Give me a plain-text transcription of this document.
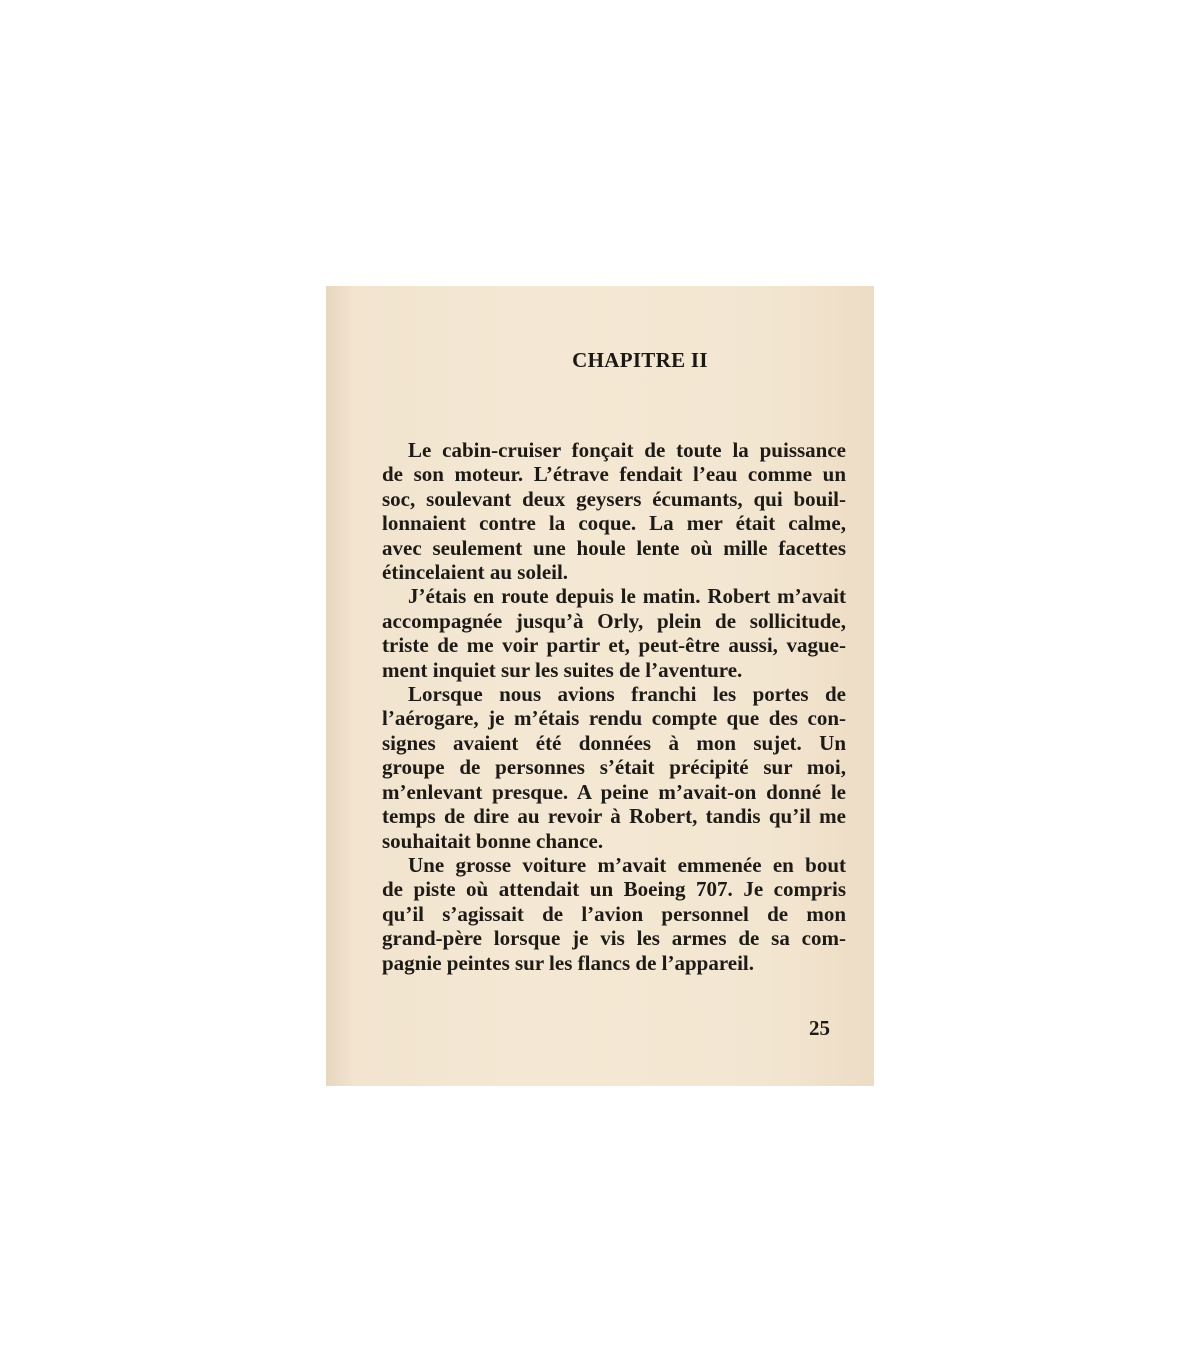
CHAPITRE II
Le cabin-cruiser fonçait de toute la puissance
de son moteur. L’étrave fendait l’eau comme un
soc, soulevant deux geysers écumants, qui bouil-
lonnaient contre la coque. La mer était calme,
avec seulement une houle lente où mille facettes
étincelaient au soleil.
J’étais en route depuis le matin. Robert m’avait
accompagnée jusqu’à Orly, plein de sollicitude,
triste de me voir partir et, peut-être aussi, vague-
ment inquiet sur les suites de l’aventure.
Lorsque nous avions franchi les portes de
l’aérogare, je m’étais rendu compte que des con-
signes avaient été données à mon sujet. Un
groupe de personnes s’était précipité sur moi,
m’enlevant presque. A peine m’avait-on donné le
temps de dire au revoir à Robert, tandis qu’il me
souhaitait bonne chance.
Une grosse voiture m’avait emmenée en bout
de piste où attendait un Boeing 707. Je compris
qu’il s’agissait de l’avion personnel de mon
grand-père lorsque je vis les armes de sa com-
pagnie peintes sur les flancs de l’appareil.
25
